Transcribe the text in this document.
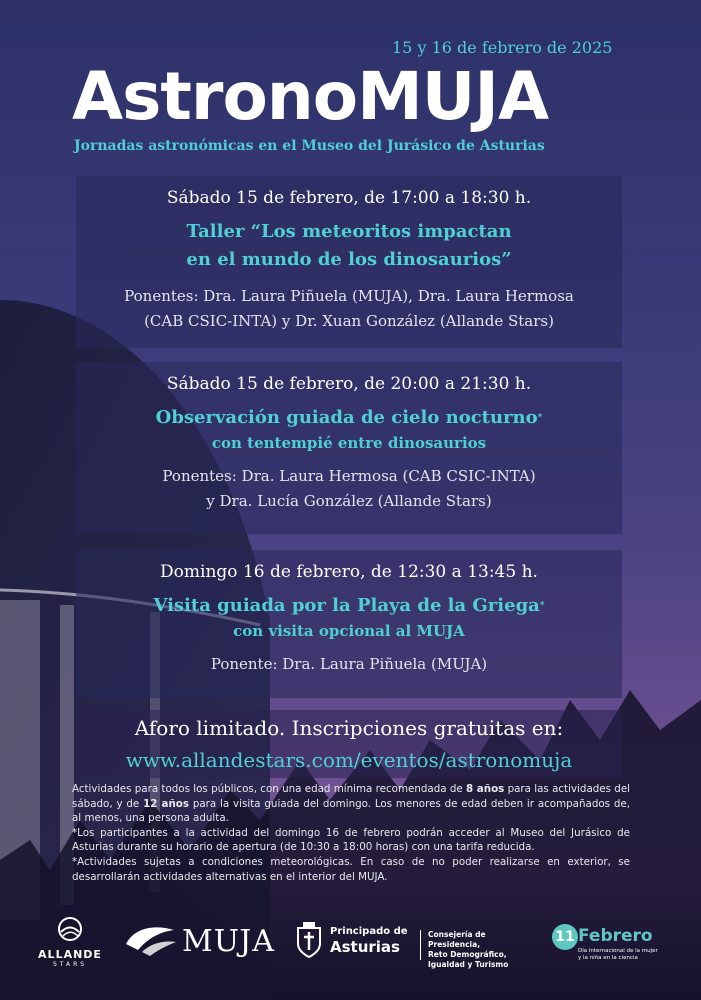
15 y 16 de febrero de 2025
AstronoMUJA
Jornadas astronómicas en el Museo del Jurásico de Asturias
Sábado 15 de febrero, de 17:00 a 18:30 h.
Taller “Los meteoritos impactan
en el mundo de los dinosaurios”
Ponentes: Dra. Laura Piñuela (MUJA), Dra. Laura Hermosa
(CAB CSIC-INTA) y Dr. Xuan González (Allande Stars)
Sábado 15 de febrero, de 20:00 a 21:30 h.
Observación guiada de cielo nocturno*
con tentempié entre dinosaurios
Ponentes: Dra. Laura Hermosa (CAB CSIC-INTA)
y Dra. Lucía González (Allande Stars)
Domingo 16 de febrero, de 12:30 a 13:45 h.
Visita guiada por la Playa de la Griega*
con visita opcional al MUJA
Ponente: Dra. Laura Piñuela (MUJA)
Aforo limitado. Inscripciones gratuitas en:
www.allandestars.com/eventos/astronomuja

Actividades para todos los públicos, con una edad mínima recomendada de 8 años para las actividades del sábado, y de 12 años para la visita guiada del domingo. Los menores de edad deben ir acompañados de, al menos, una persona adulta.

*Los participantes a la actividad del domingo 16 de febrero podrán acceder al Museo del Jurásico de Asturias durante su horario de apertura (de 10:30 a 18:00 horas) con una tarifa reducida.

*Actividades sujetas a condiciones meteorológicas. En caso de no poder realizarse en exterior, se desarrollarán actividades alternativas en el interior del MUJA.

ALLANDE
STARS
MUJA	Principado de
Asturias
Consejería de Presidencia,
Reto Demográfico,
Igualdad y Turismo
11 Febrero
Día internacional de la mujer
y la niña en la ciencia
